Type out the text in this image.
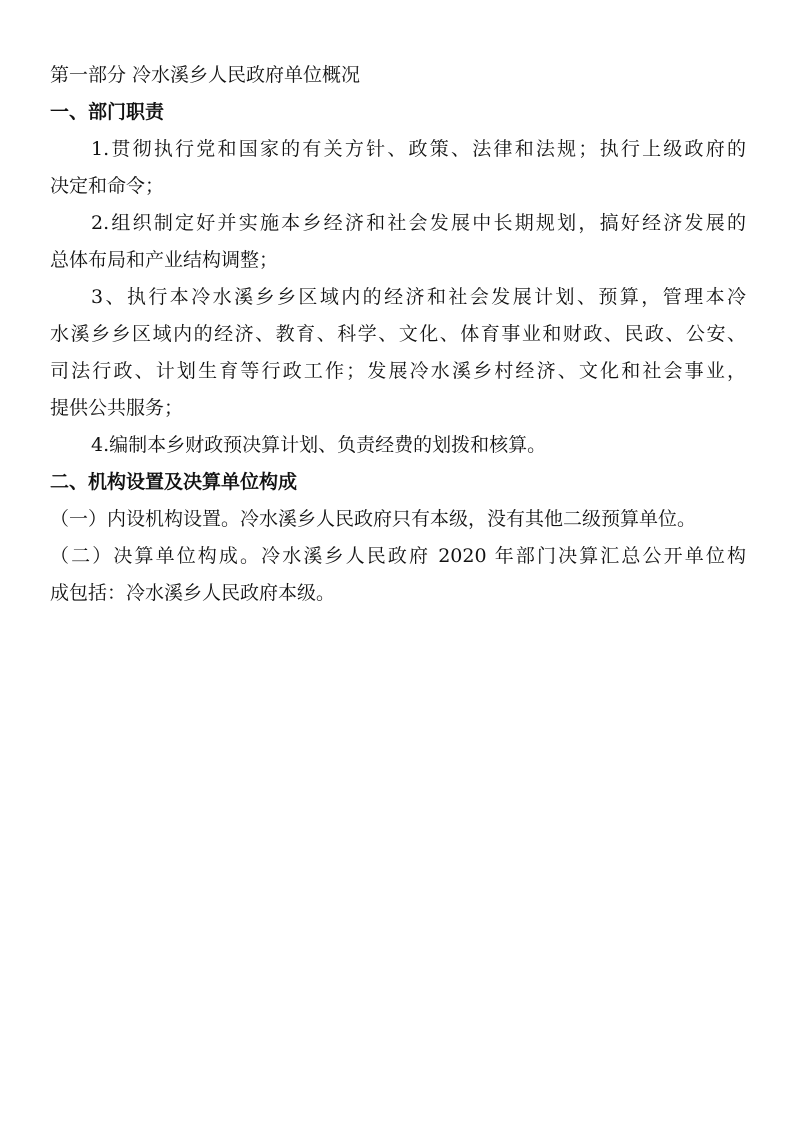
第一部分 冷水溪乡人民政府单位概况
一、部门职责
1.贯彻执行党和国家的有关方针、政策、法律和法规；执行上级政府的
决定和命令；
2.组织制定好并实施本乡经济和社会发展中长期规划，搞好经济发展的
总体布局和产业结构调整；
3、执行本冷水溪乡乡区域内的经济和社会发展计划、预算，管理本冷
水溪乡乡区域内的经济、教育、科学、文化、体育事业和财政、民政、公安、
司法行政、计划生育等行政工作；发展冷水溪乡村经济、文化和社会事业，
提供公共服务；
4.编制本乡财政预决算计划、负责经费的划拨和核算。
二、机构设置及决算单位构成
（一）内设机构设置。冷水溪乡人民政府只有本级，没有其他二级预算单位。
（二）决算单位构成。冷水溪乡人民政府 2020 年部门决算汇总公开单位构
成包括：冷水溪乡人民政府本级。
